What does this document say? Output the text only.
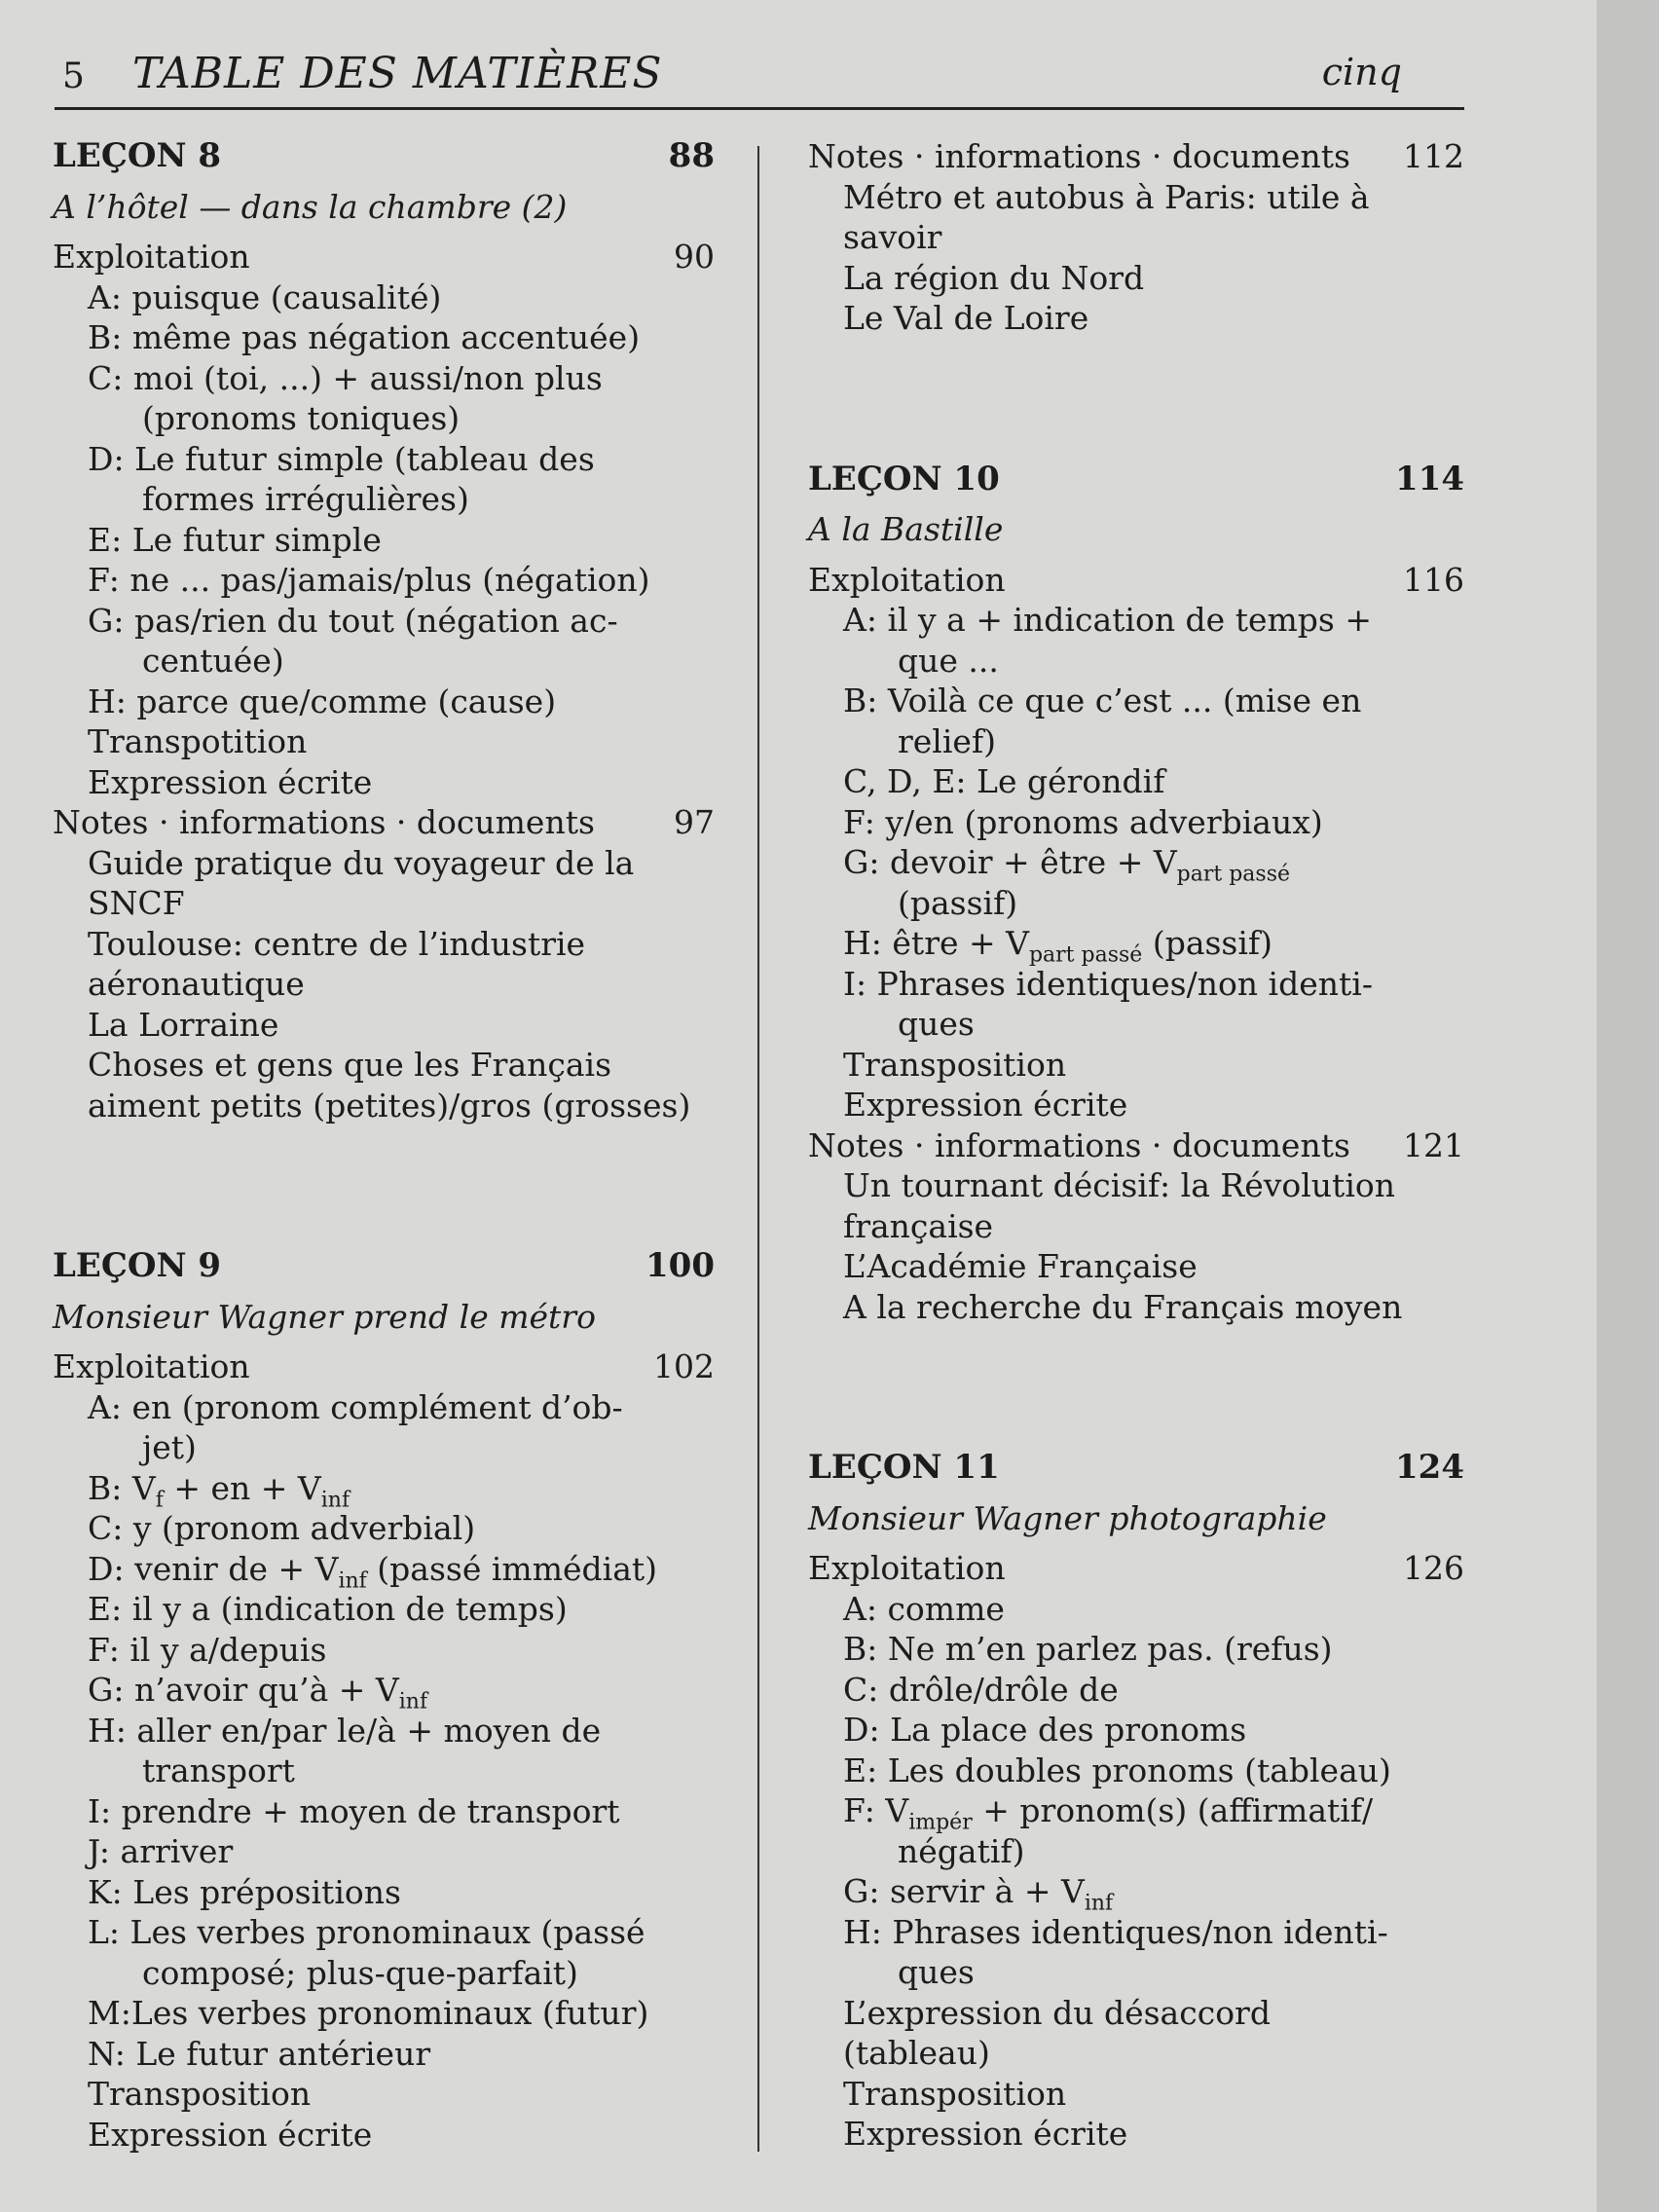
5 TABLE DES MATIÈRES	cinq
LEÇON 8	88
A l’hôtel — dans la chambre (2)
Exploitation	90
A: puisque (causalité)
B: même pas négation accentuée)
C: moi (toi, ...) + aussi/non plus
(pronoms toniques)
D: Le futur simple (tableau des
formes irrégulières)
E: Le futur simple
F: ne ... pas/jamais/plus (négation)
G: pas/rien du tout (négation ac-
centuée)
H: parce que/comme (cause)
Transpotition
Expression écrite
Notes · informations · documents 97
Guide pratique du voyageur de la
SNCF
Toulouse: centre de l’industrie
aéronautique
La Lorraine
Choses et gens que les Français
aiment petits (petites)/gros (grosses)
LEÇON 9	100
Monsieur Wagner prend le métro
Exploitation	102
A: en (pronom complément d’ob-
jet)
B: $V_f$ + en + $V_{inf}$
C: y (pronom adverbial)
D: venir de + $V_{inf}$ (passé immédiat)
E: il y a (indication de temps)
F: il y a/depuis
G: n’avoir qu’à + $V_{inf}$
H: aller en/par le/à + moyen de
transport
I: prendre + moyen de transport
J: arriver
K: Les prépositions
L: Les verbes pronominaux (passé
composé; plus-que-parfait)
M:Les verbes pronominaux (futur)
N: Le futur antérieur
Transposition
Expression écrite
Notes · informations · documents 112
Métro et autobus à Paris: utile à
savoir
La région du Nord
Le Val de Loire
LEÇON 10	114
A la Bastille
Exploitation	116
A: il y a + indication de temps +
que ...
B: Voilà ce que c’est ... (mise en
relief)
C, D, E: Le gérondif
F: y/en (pronoms adverbiaux)
G: devoir + être + $V_{part passé}$
(passif)
H: être + $V_{part passé}$ (passif)
I: Phrases identiques/non identi-
ques
Transposition
Expression écrite
Notes · informations · documents 121
Un tournant décisif: la Révolution
française
L’Académie Française
A la recherche du Français moyen
LEÇON 11	124
Monsieur Wagner photographie
Exploitation	126
A: comme
B: Ne m’en parlez pas. (refus)
C: drôle/drôle de
D: La place des pronoms
E: Les doubles pronoms (tableau)
F: $V_{impér}$ + pronom(s) (affirmatif/
négatif)
G: servir à + $V_{inf}$
H: Phrases identiques/non identi-
ques
L’expression du désaccord
(tableau)
Transposition
Expression écrite
